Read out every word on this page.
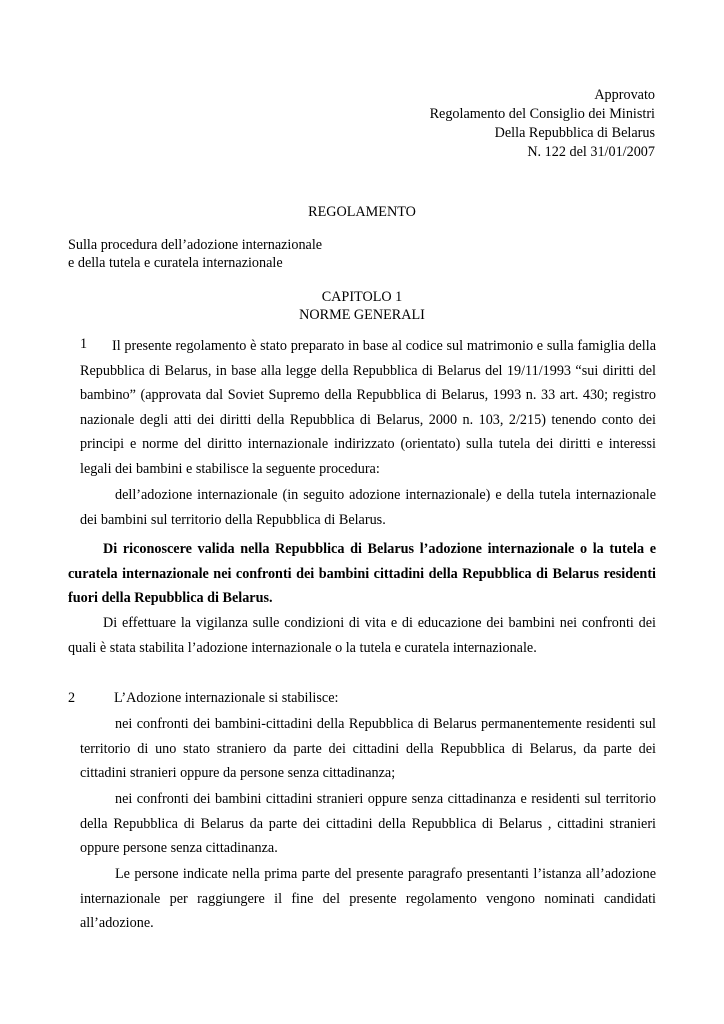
Approvato
Regolamento del Consiglio dei Ministri
Della Repubblica di Belarus
N. 122 del 31/01/2007
REGOLAMENTO
Sulla procedura dell’adozione internazionale
e della tutela e curatela internazionale
CAPITOLO 1
NORME GENERALI
1	Il presente regolamento è stato preparato in base al codice sul matrimonio e sulla famiglia della Repubblica di Belarus, in base alla legge della Repubblica di Belarus del 19/11/1993 “sui diritti del bambino” (approvata dal Soviet Supremo della Repubblica di Belarus, 1993 n. 33 art. 430; registro nazionale degli atti dei diritti della Repubblica di Belarus, 2000 n. 103, 2/215) tenendo conto dei principi e norme del diritto internazionale indirizzato (orientato) sulla tutela dei diritti e interessi legali dei bambini e stabilisce la seguente procedura:
dell’adozione internazionale (in seguito adozione internazionale) e della tutela internazionale dei bambini sul territorio della Repubblica di Belarus.
Di riconoscere valida nella Repubblica di Belarus l’adozione internazionale o la tutela e curatela internazionale nei confronti dei bambini cittadini della Repubblica di Belarus residenti fuori della Repubblica di Belarus.
Di effettuare la vigilanza sulle condizioni di vita e di educazione dei bambini nei confronti dei quali è stata stabilita l’adozione internazionale o la tutela e curatela internazionale.
2	L’Adozione internazionale si stabilisce:
nei confronti dei bambini-cittadini della Repubblica di Belarus permanentemente residenti sul territorio di uno stato straniero da parte dei cittadini della Repubblica di Belarus, da parte dei cittadini stranieri oppure da persone senza cittadinanza;
nei confronti dei bambini cittadini stranieri oppure senza cittadinanza e residenti sul territorio della Repubblica di Belarus da parte dei cittadini della Repubblica di Belarus , cittadini stranieri oppure persone senza cittadinanza.
Le persone indicate nella prima parte del presente paragrafo presentanti l’istanza all’adozione internazionale per raggiungere il fine del presente regolamento vengono nominati candidati all’adozione.
